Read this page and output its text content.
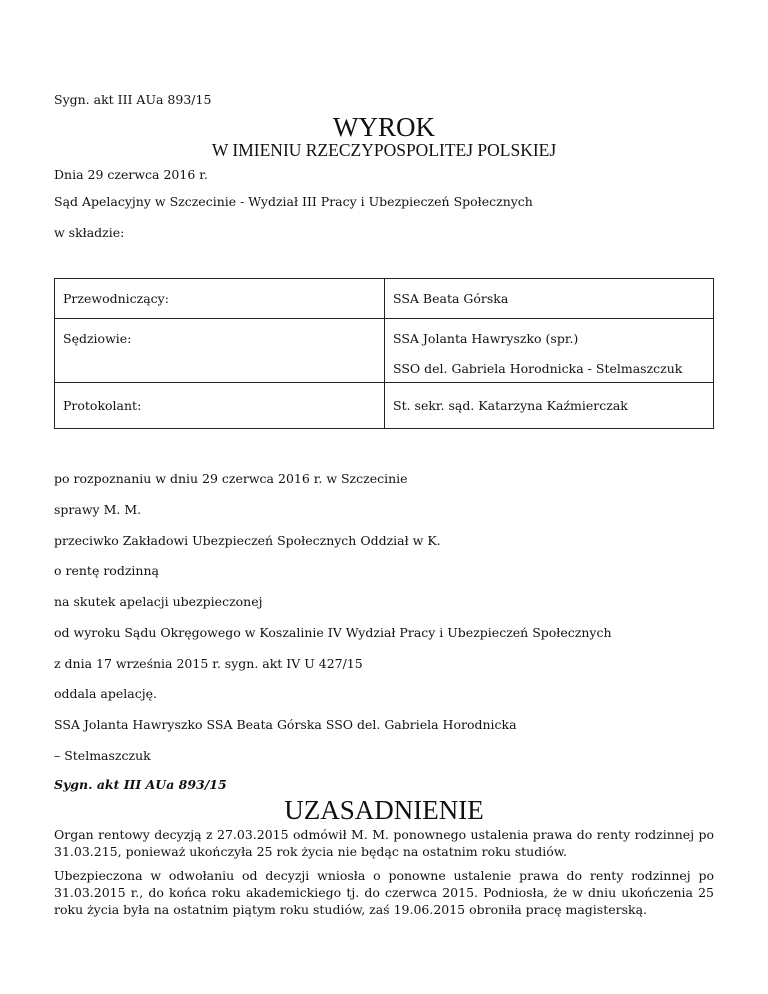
Sygn. akt III AUa 893/15
WYROK
W IMIENIU RZECZYPOSPOLITEJ POLSKIEJ
Dnia 29 czerwca 2016 r.
Sąd Apelacyjny w Szczecinie - Wydział III Pracy i Ubezpieczeń Społecznych
w składzie:
Przewodniczący:	SSA Beata Górska
Sędziowie:	SSA Jolanta Hawryszko (spr.)
SSO del. Gabriela Horodnicka - Stelmaszczuk

Protokolant:	St. sekr. sąd. Katarzyna Kaźmierczak
po rozpoznaniu w dniu 29 czerwca 2016 r. w Szczecinie
sprawy M. M.
przeciwko Zakładowi Ubezpieczeń Społecznych Oddział w K.
o rentę rodzinną
na skutek apelacji ubezpieczonej
od wyroku Sądu Okręgowego w Koszalinie IV Wydział Pracy i Ubezpieczeń Społecznych
z dnia 17 września 2015 r. sygn. akt IV U 427/15
oddala apelację.
SSA Jolanta Hawryszko SSA Beata Górska SSO del. Gabriela Horodnicka
– Stelmaszczuk
Sygn. akt III AUa 893/15
UZASADNIENIE
Organ rentowy decyzją z 27.03.2015 odmówił M. M. ponownego ustalenia prawa do renty rodzinnej po 31.03.215, ponieważ ukończyła 25 rok życia nie będąc na ostatnim roku studiów.
Ubezpieczona w odwołaniu od decyzji wniosła o ponowne ustalenie prawa do renty rodzinnej po 31.03.2015 r., do końca roku akademickiego tj. do czerwca 2015. Podniosła, że w dniu ukończenia 25 roku życia była na ostatnim piątym roku studiów, zaś 19.06.2015 obroniła pracę magisterską.
